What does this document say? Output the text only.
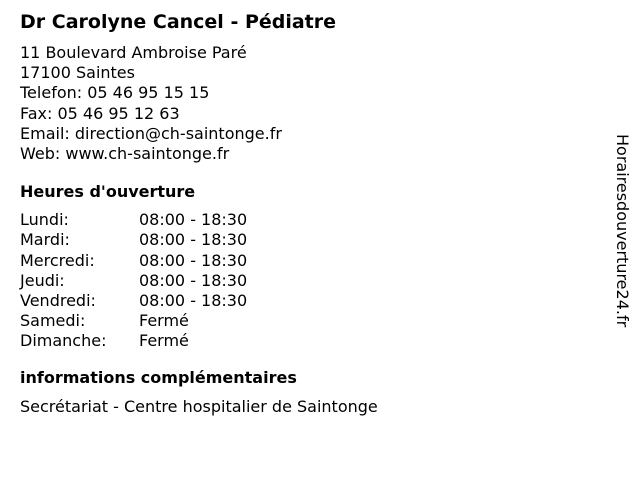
Dr Carolyne Cancel - Pédiatre
11 Boulevard Ambroise Paré
17100 Saintes
Telefon: 05 46 95 15 15
Fax: 05 46 95 12 63
Email: direction@ch-saintonge.fr
Web: www.ch-saintonge.fr
Heures d'ouverture
Lundi:	08:00 - 18:30
Mardi:	08:00 - 18:30
Mercredi:	08:00 - 18:30
Jeudi:	08:00 - 18:30
Vendredi:	08:00 - 18:30
Samedi:	Fermé
Dimanche: Fermé
informations complémentaires
Secrétariat - Centre hospitalier de Saintonge
Horairesdouverture24.fr
